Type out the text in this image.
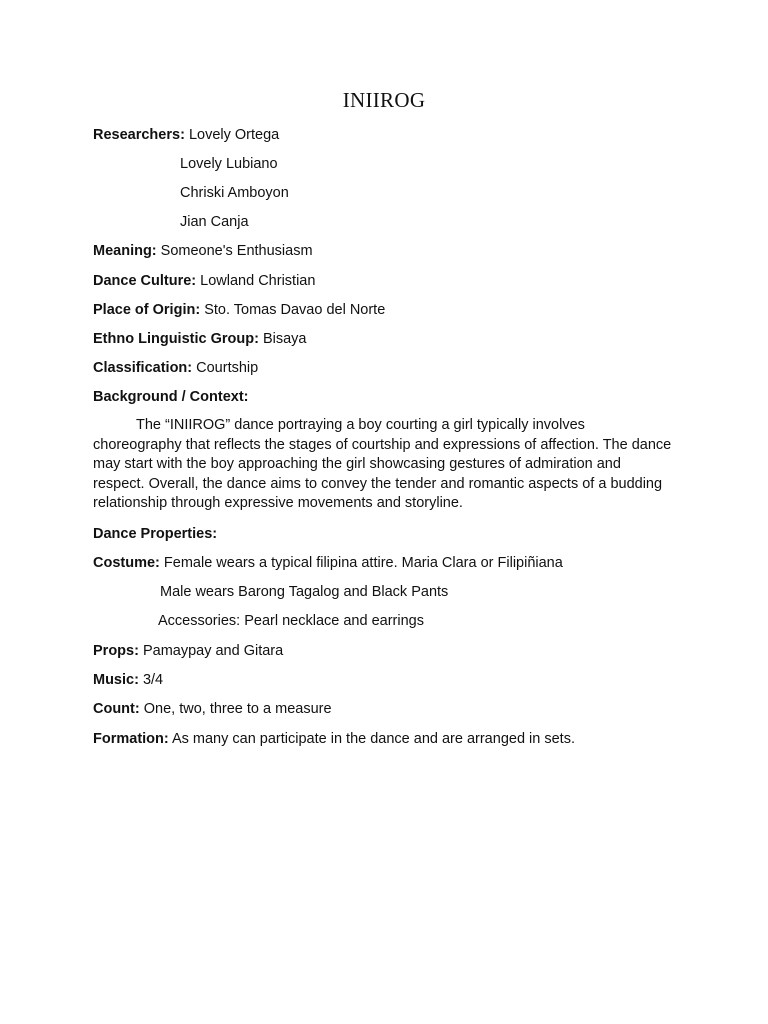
INIIROG
Researchers: Lovely Ortega
Lovely Lubiano
Chriski Amboyon
Jian Canja
Meaning: Someone's Enthusiasm
Dance Culture: Lowland Christian
Place of Origin: Sto. Tomas Davao del Norte
Ethno Linguistic Group: Bisaya
Classification: Courtship
Background / Context:
The “INIIROG” dance portraying a boy courting a girl typically involves choreography that reflects the stages of courtship and expressions of affection. The dance may start with the boy approaching the girl showcasing gestures of admiration and respect. Overall, the dance aims to convey the tender and romantic aspects of a budding relationship through expressive movements and storyline.
Dance Properties:
Costume: Female wears a typical filipina attire. Maria Clara or Filipiñiana
Male wears Barong Tagalog and Black Pants
Accessories: Pearl necklace and earrings
Props: Pamaypay and Gitara
Music: 3/4
Count: One, two, three to a measure
Formation: As many can participate in the dance and are arranged in sets.
